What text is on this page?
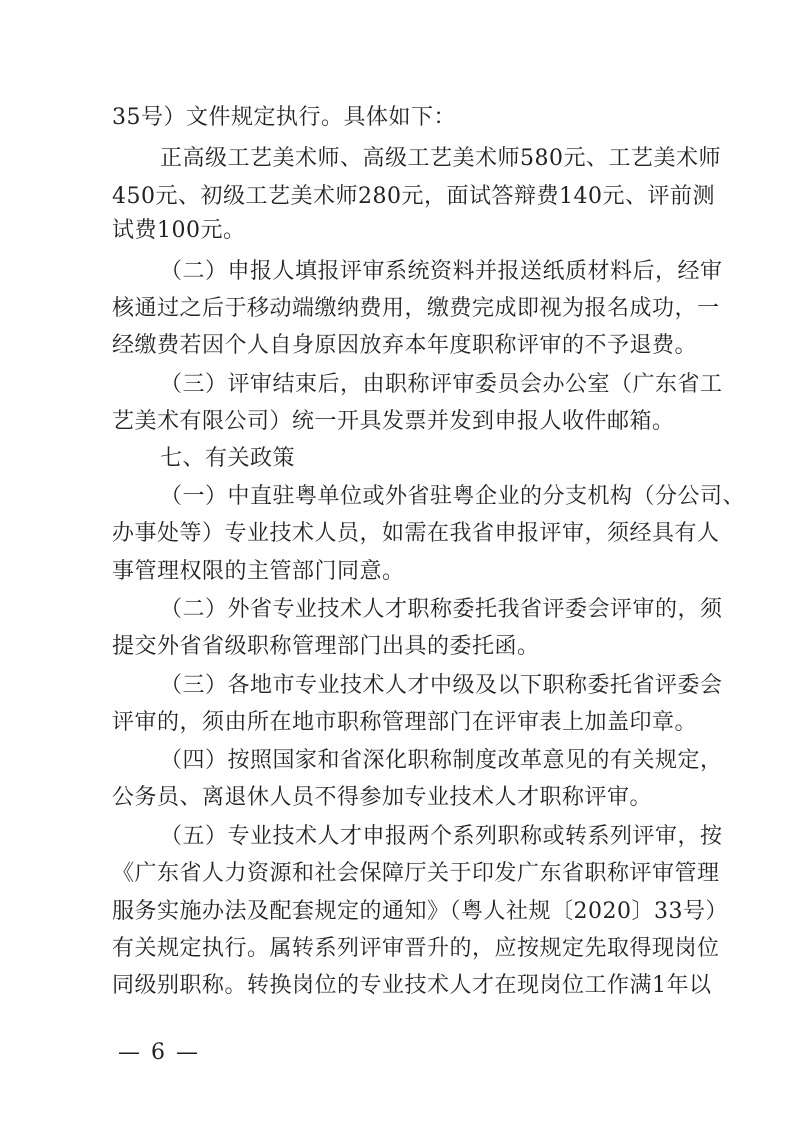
35号）文件规定执行。具体如下：
正高级工艺美术师、高级工艺美术师580元、工艺美术师
450元、初级工艺美术师280元，面试答辩费140元、评前测
试费100元。
（二）申报人填报评审系统资料并报送纸质材料后，经审
核通过之后于移动端缴纳费用，缴费完成即视为报名成功，一
经缴费若因个人自身原因放弃本年度职称评审的不予退费。
（三）评审结束后，由职称评审委员会办公室（广东省工
艺美术有限公司）统一开具发票并发到申报人收件邮箱。
七、有关政策
（一）中直驻粤单位或外省驻粤企业的分支机构（分公司、
办事处等）专业技术人员，如需在我省申报评审，须经具有人
事管理权限的主管部门同意。
（二）外省专业技术人才职称委托我省评委会评审的，须
提交外省省级职称管理部门出具的委托函。
（三）各地市专业技术人才中级及以下职称委托省评委会
评审的，须由所在地市职称管理部门在评审表上加盖印章。
（四）按照国家和省深化职称制度改革意见的有关规定，
公务员、离退休人员不得参加专业技术人才职称评审。
（五）专业技术人才申报两个系列职称或转系列评审，按
《广东省人力资源和社会保障厅关于印发广东省职称评审管理
服务实施办法及配套规定的通知》（粤人社规〔2020〕33号）
有关规定执行。属转系列评审晋升的，应按规定先取得现岗位
同级别职称。转换岗位的专业技术人才在现岗位工作满1年以
— 6 —
